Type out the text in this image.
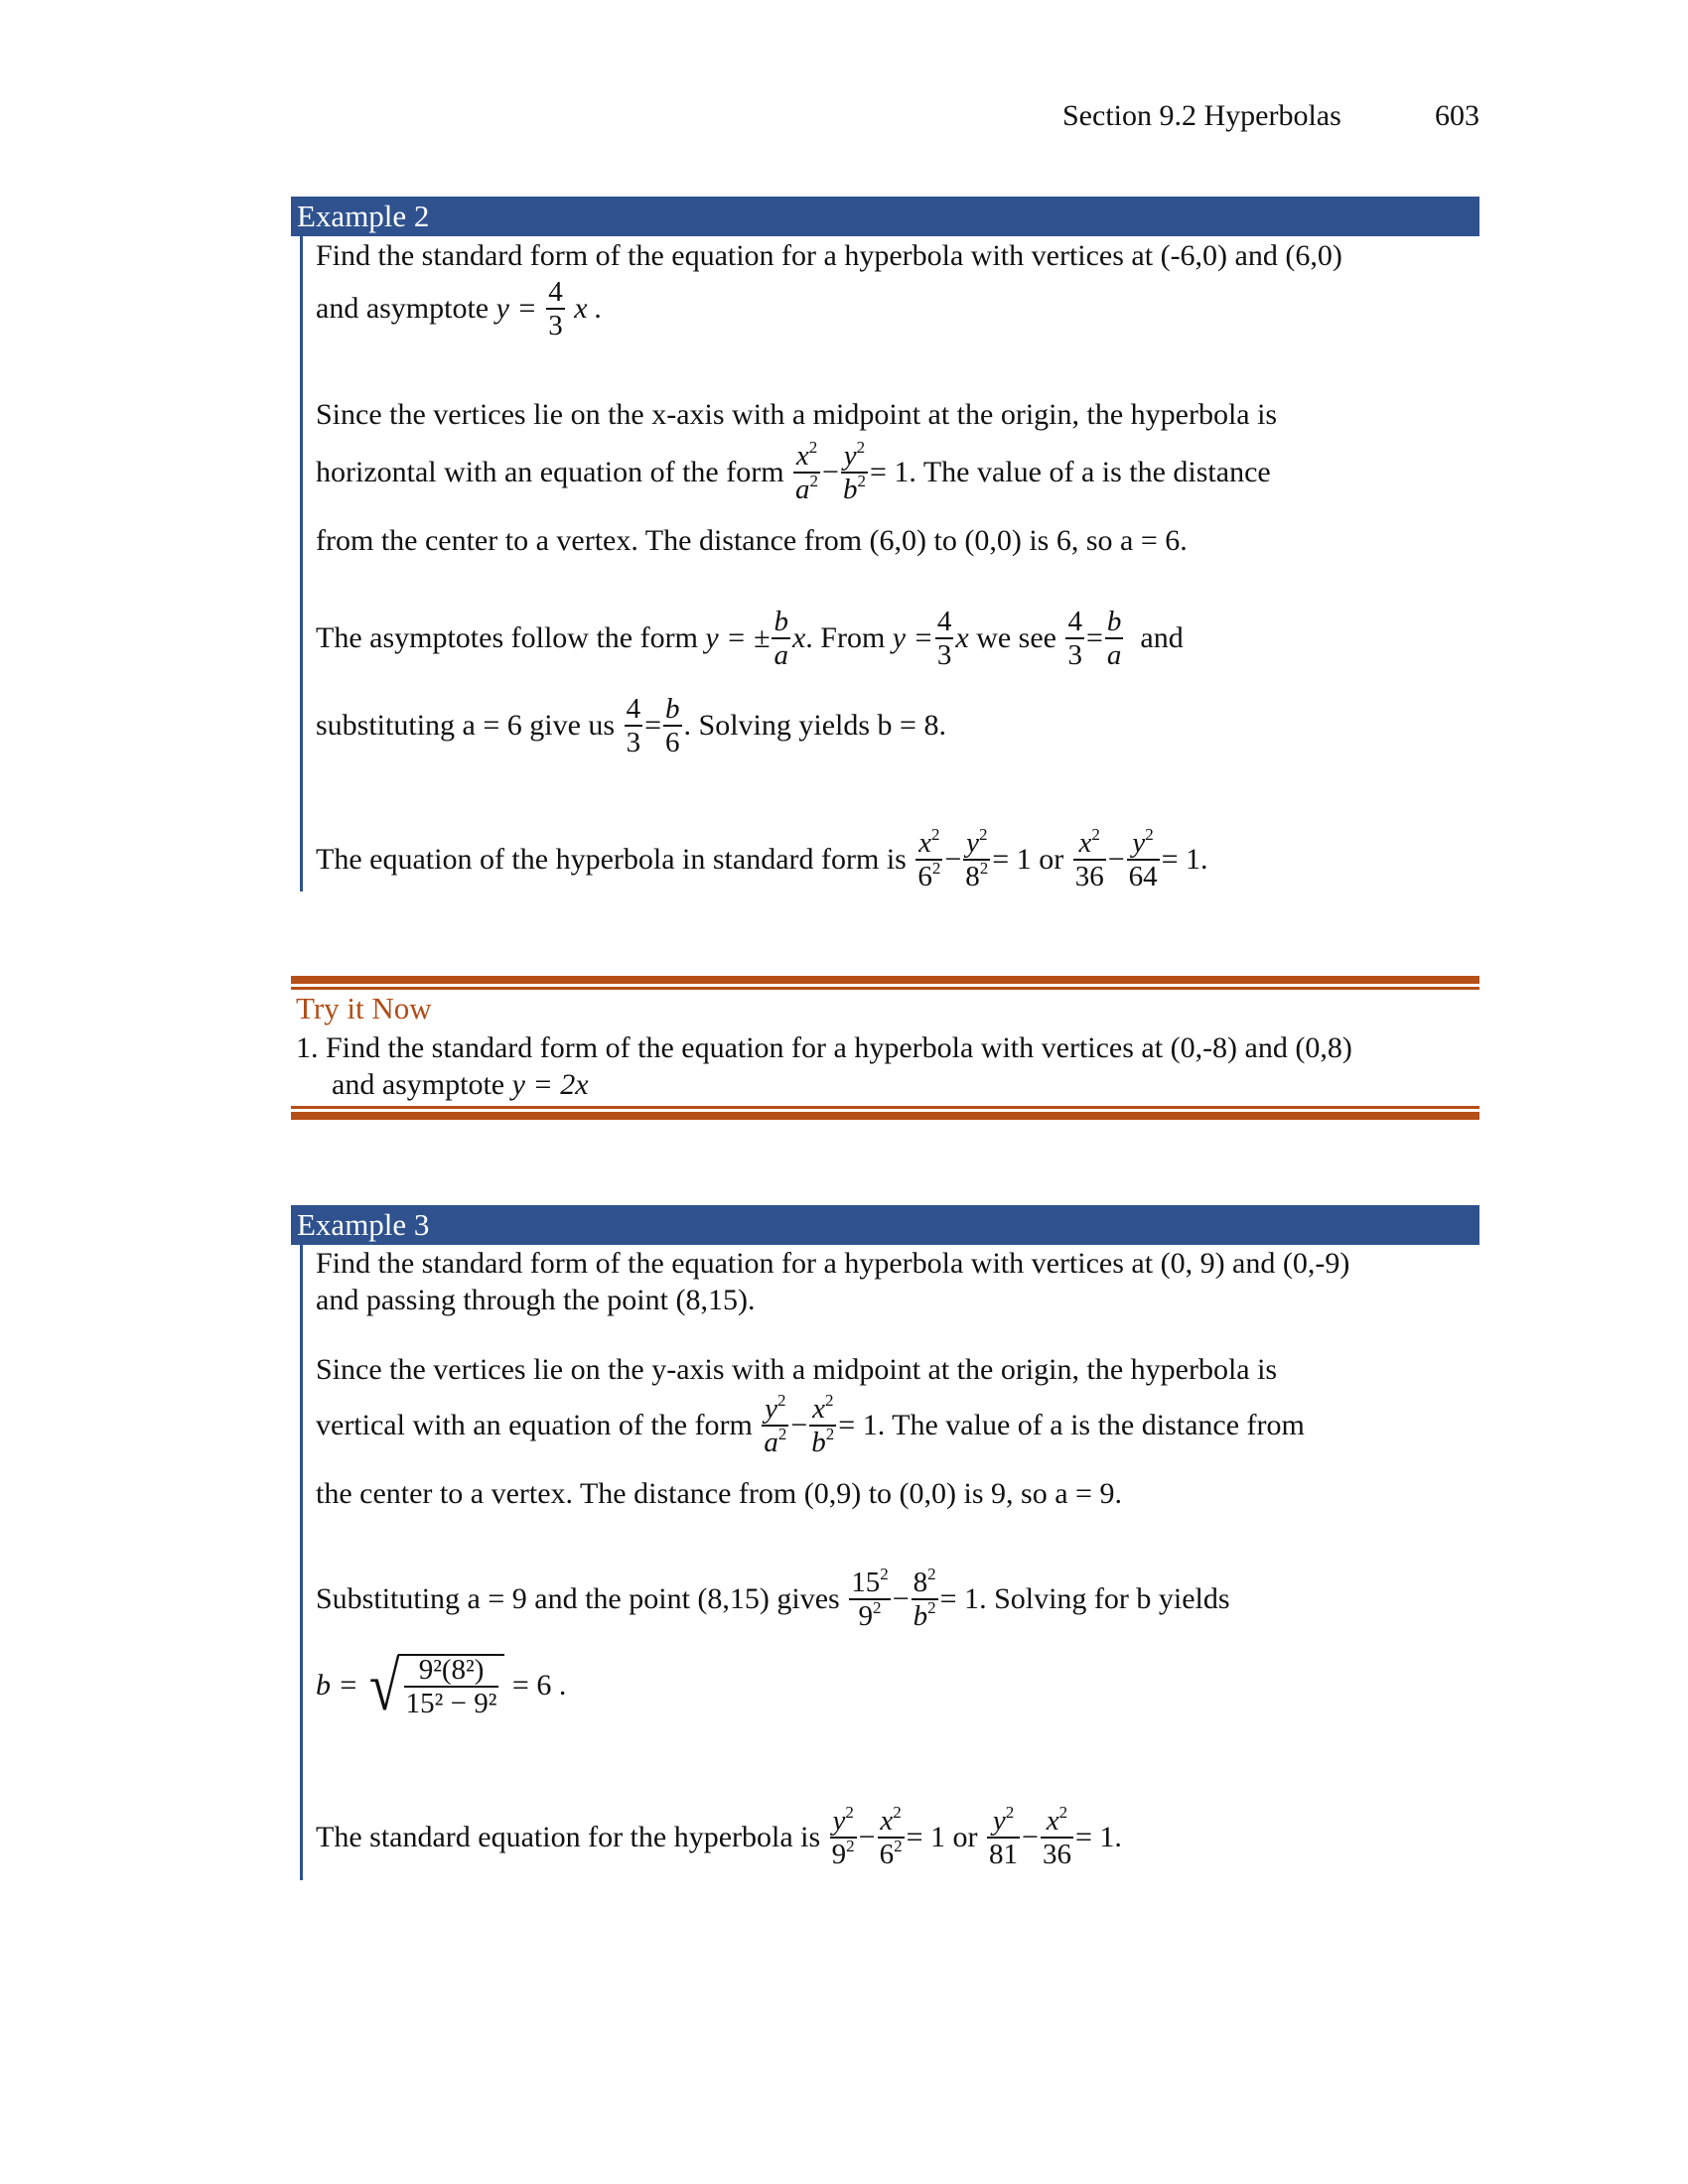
Section 9.2 Hyperbolas	603
Example 2
Find the standard form of the equation for a hyperbola with vertices at (-6,0) and (6,0)
and asymptote $y = \frac{4}{3}$ x .
Since the vertices lie on the x-axis with a midpoint at the origin, the hyperbola is
horizontal with an equation of the form $\frac{x^2}{a^2} - \frac{y^2}{b^2} = 1$. The value of a is the distance
from the center to a vertex. The distance from (6,0) to (0,0) is 6, so a = 6.
The asymptotes follow the form y = ± $\frac{b}{a} x$. From $y = \frac{4}{3}$ x we see $\frac{4}{3} = \frac{b}{a}$ and
substituting a = 6 give us $\frac{4}{3} = \frac{b}{6}$ . Solving yields b = 8.
The equation of the hyperbola in standard form is $\frac{x^2}{6^2} - \frac{y^2}{8^2} = 1$ or $\frac{x^2}{36} - \frac{y^2}{64} = 1$.
Try it Now
1. Find the standard form of the equation for a hyperbola with vertices at (0,-8) and (0,8)
and asymptote y = 2x
Example 3
Find the standard form of the equation for a hyperbola with vertices at (0, 9) and (0,-9)
and passing through the point (8,15).
Since the vertices lie on the y-axis with a midpoint at the origin, the hyperbola is
vertical with an equation of the form $\frac{y^2}{a^2} - \frac{x^2}{b^2} = 1$. The value of a is the distance from
the center to a vertex. The distance from (0,9) to (0,0) is 9, so a = 9.
Substituting a = 9 and the point (8,15) gives $\frac{15^2}{9^2} - \frac{8^2}{b^2} = 1$. Solving for b yields
b = √ $\frac{\text{9²(8²)}}{\text{15² − 9²}} = 6$ .
The standard equation for the hyperbola is $\frac{y^2}{9^2} - \frac{x^2}{6^2} = 1$ or $\frac{y^2}{81} - \frac{x^2}{36} = 1$.
